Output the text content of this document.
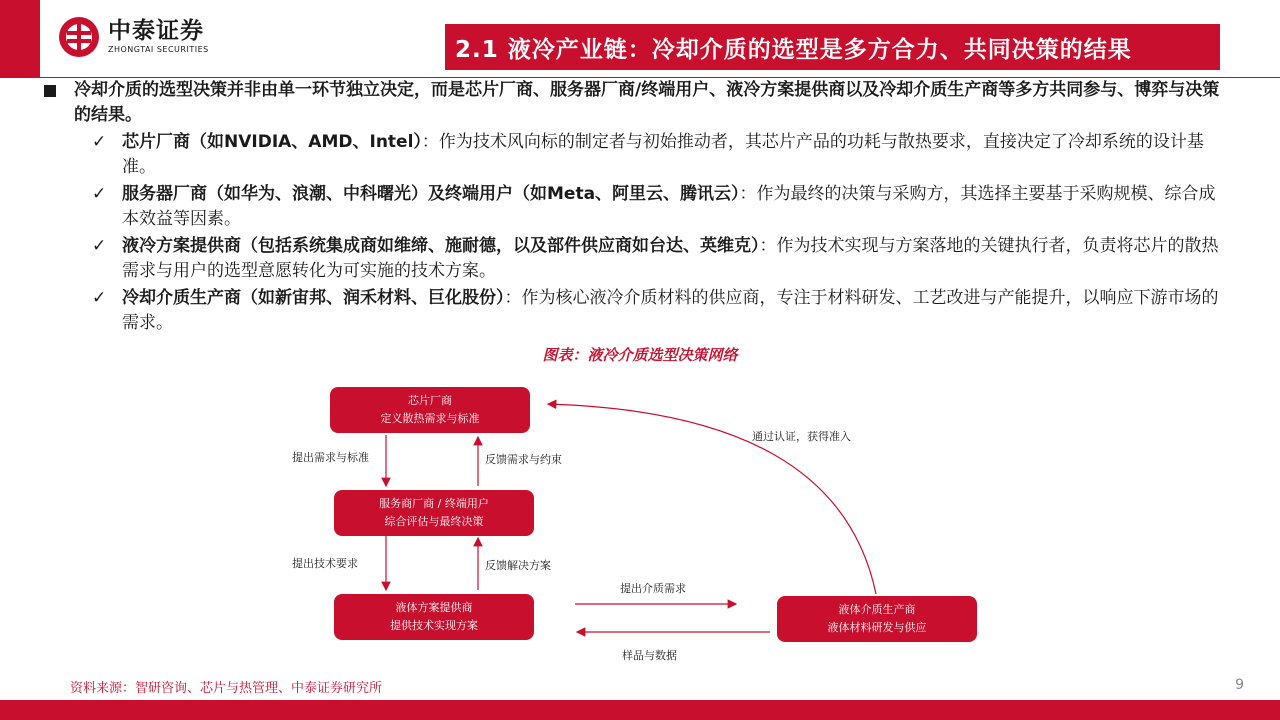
中泰证券
ZHONGTAI SECURITIES	2.1 液冷产业链：冷却介质的选型是多方合力、共同决策的结果
冷却介质的选型决策并非由单一环节独立决定，而是芯片厂商、服务器厂商/终端用户、液冷方案提供商以及冷却介质生产商等多方共同参与、博弈与决策的结果。
✓ 芯片厂商（如NVIDIA、AMD、Intel）：作为技术风向标的制定者与初始推动者，其芯片产品的功耗与散热要求，直接决定了冷却系统的设计基准。
✓ 服务器厂商（如华为、浪潮、中科曙光）及终端用户（如Meta、阿里云、腾讯云）：作为最终的决策与采购方，其选择主要基于采购规模、综合成本效益等因素。
✓ 液冷方案提供商（包括系统集成商如维缔、施耐德，以及部件供应商如台达、英维克）：作为技术实现与方案落地的关键执行者，负责将芯片的散热需求与用户的选型意愿转化为可实施的技术方案。
✓ 冷却介质生产商（如新宙邦、润禾材料、巨化股份）：作为核心液冷介质材料的供应商，专注于材料研发、工艺改进与产能提升，以响应下游市场的需求。
图表：液冷介质选型决策网络
芯片厂商
定义散热需求与标准
服务商厂商 / 终端用户
综合评估与最终决策
液体方案提供商
提供技术实现方案
液体介质生产商
液体材料研发与供应
提出需求与标准	反馈需求与约束
提出技术要求	反馈解决方案
提出介质需求
样品与数据
通过认证，获得准入
资料来源：智研咨询、芯片与热管理、中泰证券研究所	9
